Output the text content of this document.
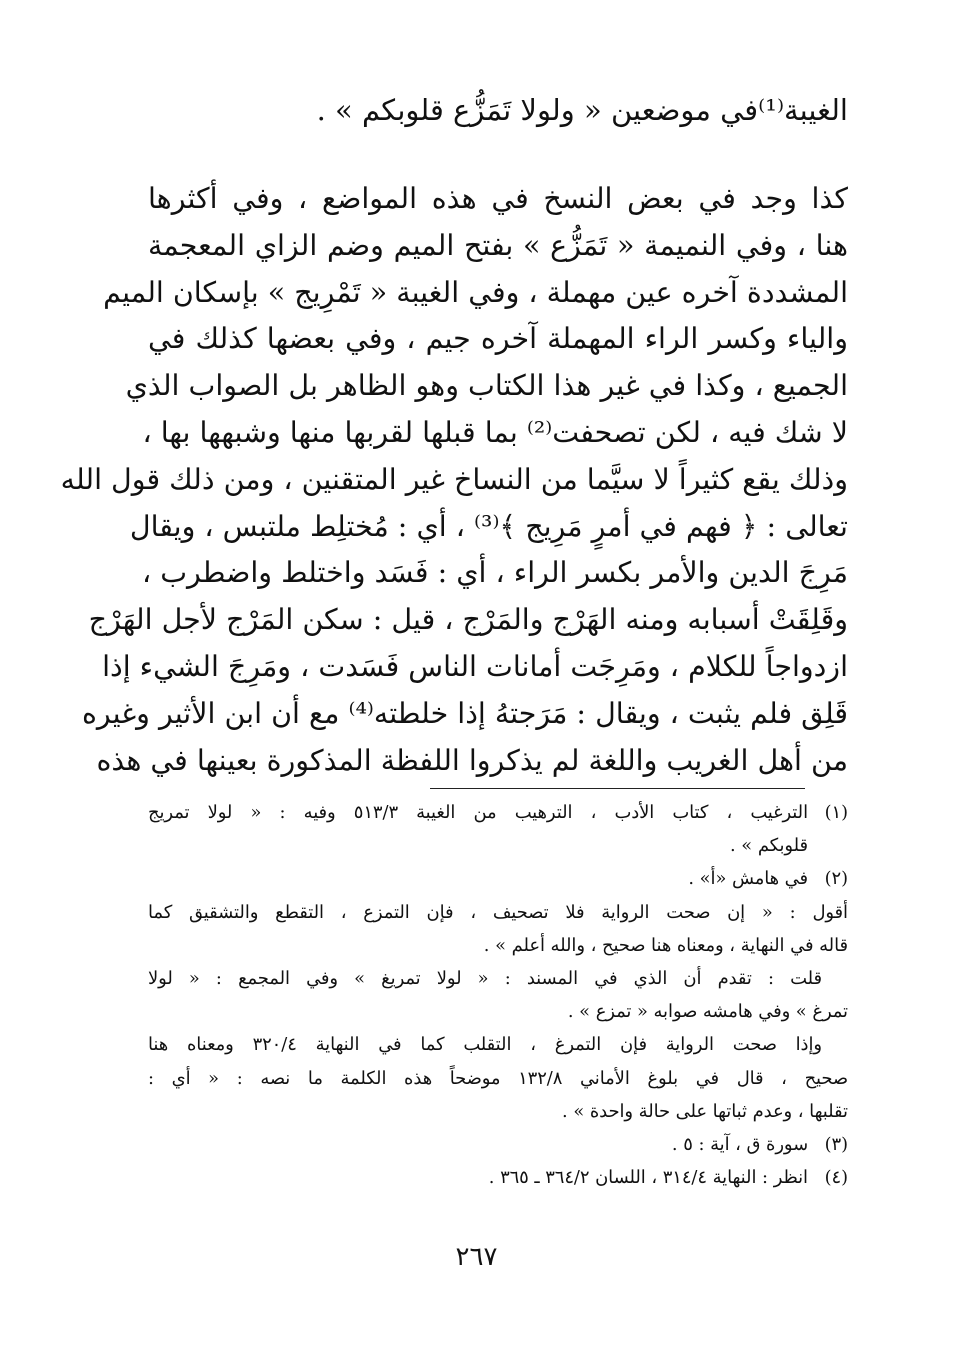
الغيبة⁽¹⁾في موضعين « ولولا تَمَزُّع قلوبكم » .
كذا وجد في بعض النسخ في هذه المواضع ، وفي أكثرها
هنا ، وفي النميمة « تَمَزُّع » بفتح الميم وضم الزاي المعجمة
المشددة آخره عين مهملة ، وفي الغيبة « تَمْرِيج » بإسكان الميم
والياء وكسر الراء المهملة آخره جيم ، وفي بعضها كذلك في
الجميع ، وكذا في غير هذا الكتاب وهو الظاهر بل الصواب الذي
لا شك فيه ، لكن تصحفت⁽²⁾ بما قبلها لقربها منها وشبهها بها ،
وذلك يقع كثيراً لا سيَّما من النساخ غير المتقنين ، ومن ذلك قول الله
تعالى : ﴿ فهم في أمرٍ مَرِيج ﴾⁽³⁾ ، أي : مُختلِط ملتبس ، ويقال
مَرِجَ الدين والأمر بكسر الراء ، أي : فَسَد واختلط واضطرب ،
وقَلِقَتْ أسبابه ومنه الهَرْج والمَرْج ، قيل : سكن المَرْج لأجل الهَرْج
ازدواجاً للكلام ، ومَرِجَت أمانات الناس فَسَدت ، ومَرِجَ الشيء إذا
قَلِق فلم يثبت ، ويقال : مَرَجتهُ إذا خلطته⁽⁴⁾ مع أن ابن الأثير وغيره
من أهل الغريب واللغة لم يذكروا اللفظة المذكورة بعينها في هذه
(١)الترغيب ، كتاب الأدب ، الترهيب من الغيبة ٥١٣/٣ وفيه : « لولا تمريج
قلوبكم » .
(٢)في هامش «أ» .
أقول : « إن صحت الرواية فلا تصحيف ، فإن التمزع ، التقطع والتشقيق كما
قاله في النهاية ، ومعناه هنا صحيح ، والله أعلم » .
قلت : تقدم أن الذي في المسند : « لولا تمريغ » وفي المجمع : « لولا
تمرغ » وفي هامشه صوابه « تمزع » .
وإذا صحت الرواية فإن التمرغ ، التقلب كما في النهاية ٣٢٠/٤ ومعناه هنا
صحيح ، قال في بلوغ الأماني ١٣٢/٨ موضحاً هذه الكلمة ما نصه : « أي :
تقلبها ، وعدم ثباتها على حالة واحدة » .
(٣)سورة ق ، آية : ٥ .
(٤)انظر : النهاية ٣١٤/٤ ، اللسان ٣٦٤/٢ ـ ٣٦٥ .
٢٦٧
